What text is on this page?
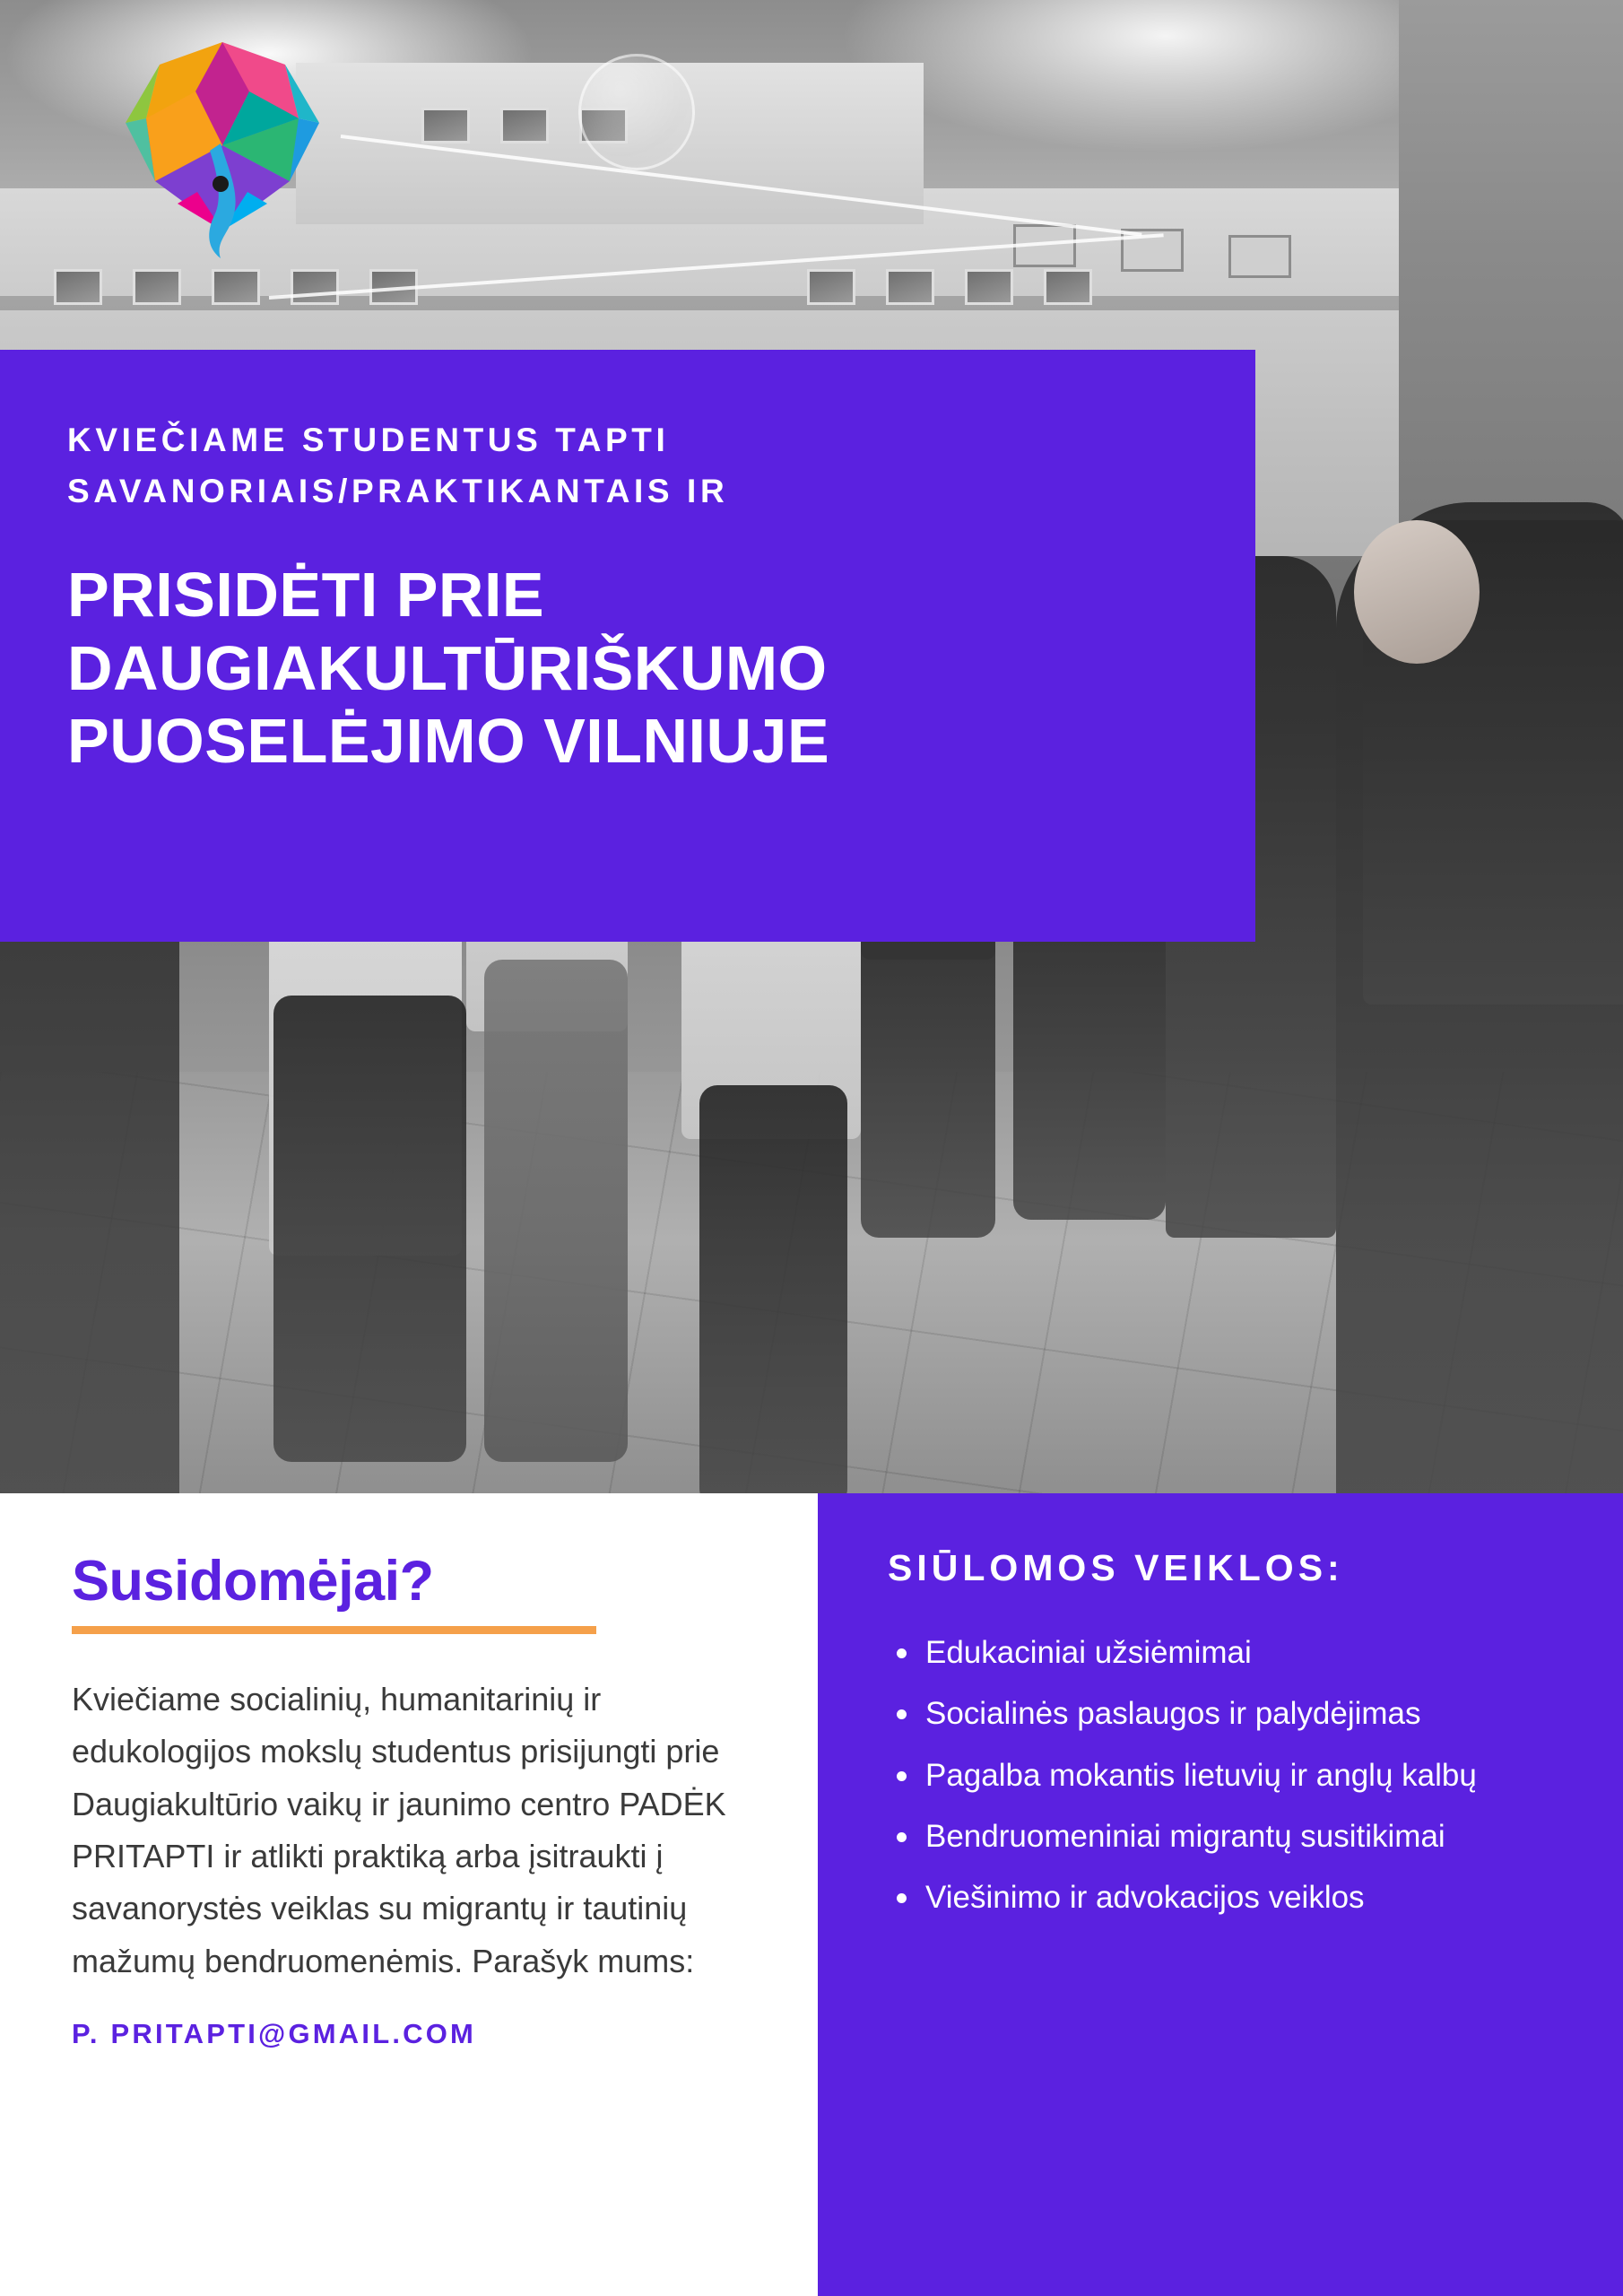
KVIEČIAME STUDENTUS TAPTI
SAVANORIAIS/PRAKTIKANTAIS IR
PRISIDĖTI PRIE DAUGIAKULTŪRIŠKUMO PUOSELĖJIMO VILNIUJE
Susidomėjai?
Kviečiame socialinių, humanitarinių ir edukologijos mokslų studentus prisijungti prie Daugiakultūrio vaikų ir jaunimo centro PADĖK PRITAPTI ir atlikti praktiką arba įsitraukti į savanorystės veiklas su migrantų ir tautinių mažumų bendruomenėmis. Parašyk mums:
P. PRITAPTI@GMAIL.COM
SIŪLOMOS VEIKLOS:
Edukaciniai užsiėmimai
Socialinės paslaugos ir palydėjimas
Pagalba mokantis lietuvių ir anglų kalbų
Bendruomeniniai migrantų susitikimai
Viešinimo ir advokacijos veiklos
